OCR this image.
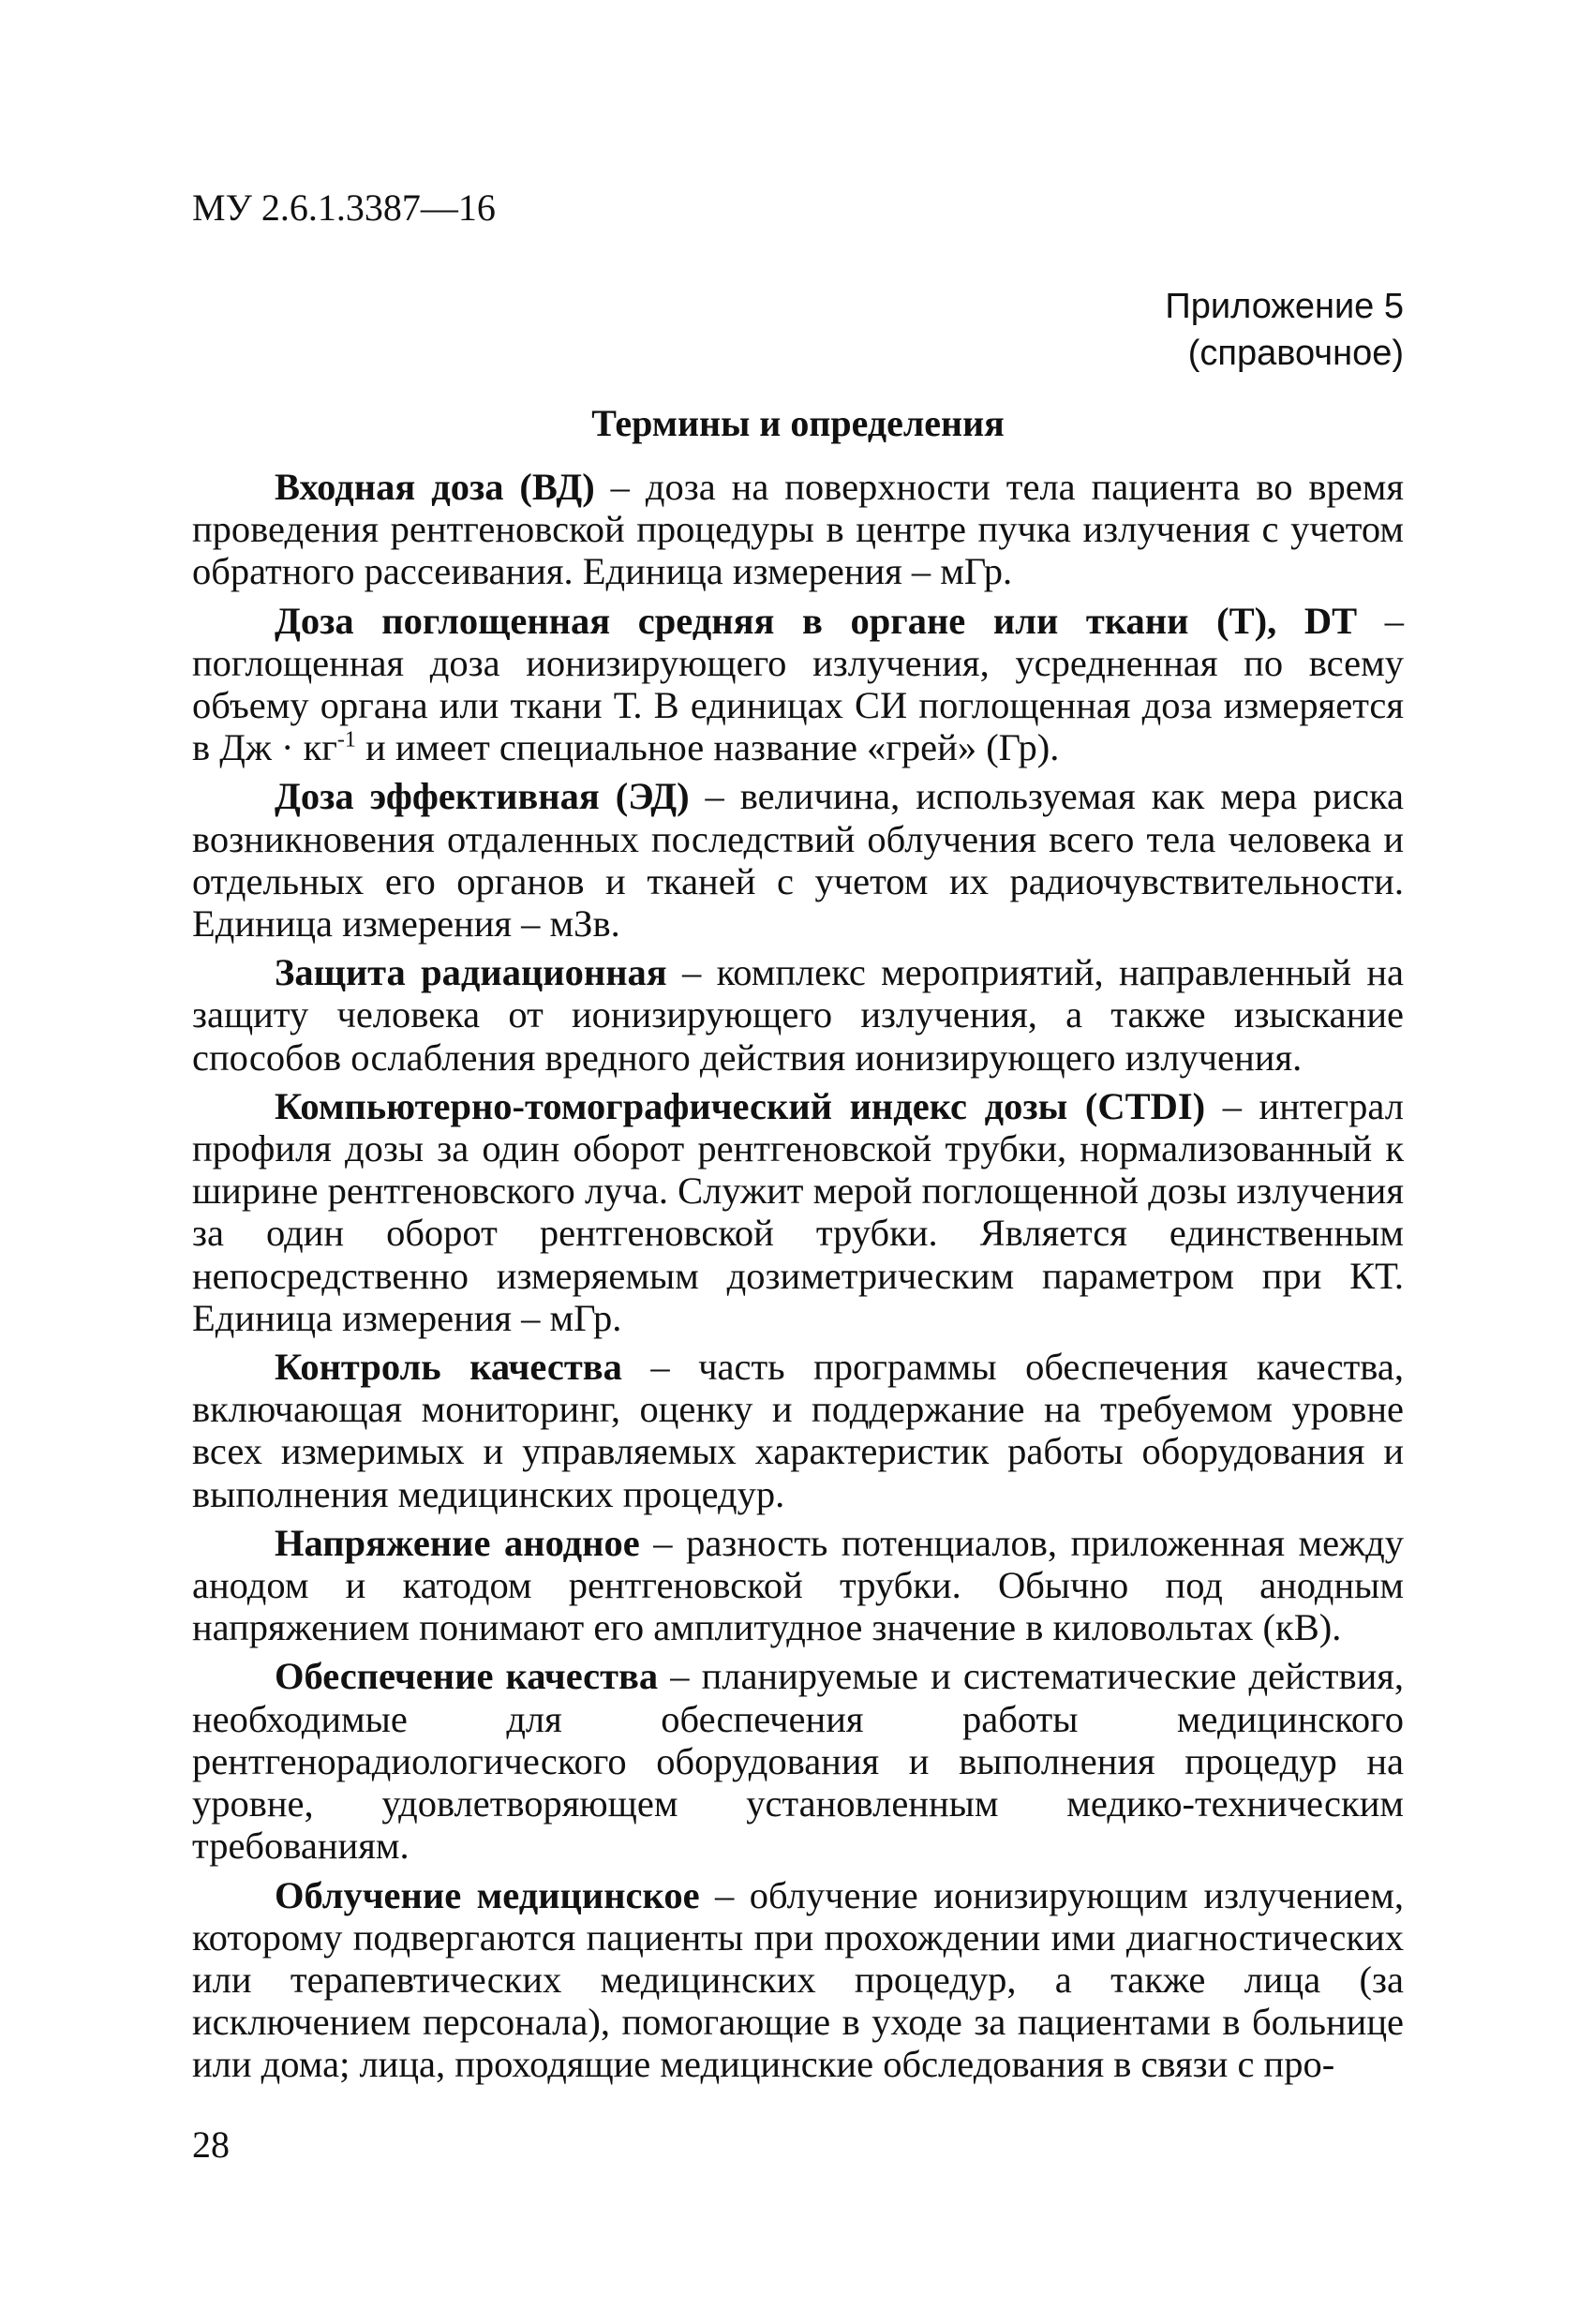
МУ 2.6.1.3387—16
Приложение 5
(справочное)
Термины и определения

Входная доза (ВД) – доза на поверхности тела пациента во время проведения рентгеновской процедуры в центре пучка излучения с учетом обратного рассеивания. Единица измерения – мГр.

Доза поглощенная средняя в органе или ткани (Т), DТ – поглощенная доза ионизирующего излучения, усредненная по всему объему органа или ткани Т. В единицах СИ поглощенная доза измеряется в Дж · $кг^{-1}$ и имеет специальное название «грей» (Гр).

Доза эффективная (ЭД) – величина, используемая как мера риска возникновения отдаленных последствий облучения всего тела человека и отдельных его органов и тканей с учетом их радиочувствительности. Единица измерения – мЗв.

Защита радиационная – комплекс мероприятий, направленный на защиту человека от ионизирующего излучения, а также изыскание способов ослабления вредного действия ионизирующего излучения.

Компьютерно-томографический индекс дозы (CTDI) – интеграл профиля дозы за один оборот рентгеновской трубки, нормализованный к ширине рентгеновского луча. Служит мерой поглощенной дозы излучения за один оборот рентгеновской трубки. Является единственным непосредственно измеряемым дозиметрическим параметром при КТ. Единица измерения – мГр.

Контроль качества – часть программы обеспечения качества, включающая мониторинг, оценку и поддержание на требуемом уровне всех измеримых и управляемых характеристик работы оборудования и выполнения медицинских процедур.

Напряжение анодное – разность потенциалов, приложенная между анодом и катодом рентгеновской трубки. Обычно под анодным напряжением понимают его амплитудное значение в киловольтах (кВ).

Обеспечение качества – планируемые и систематические действия, необходимые для обеспечения работы медицинского рентгенорадиологического оборудования и выполнения процедур на уровне, удовлетворяющем установленным медико-техническим требованиям.

Облучение медицинское – облучение ионизирующим излучением, которому подвергаются пациенты при прохождении ими диагностических или терапевтических медицинских процедур, а также лица (за исключением персонала), помогающие в уходе за пациентами в больнице или дома; лица, проходящие медицинские обследования в связи с про-

28
